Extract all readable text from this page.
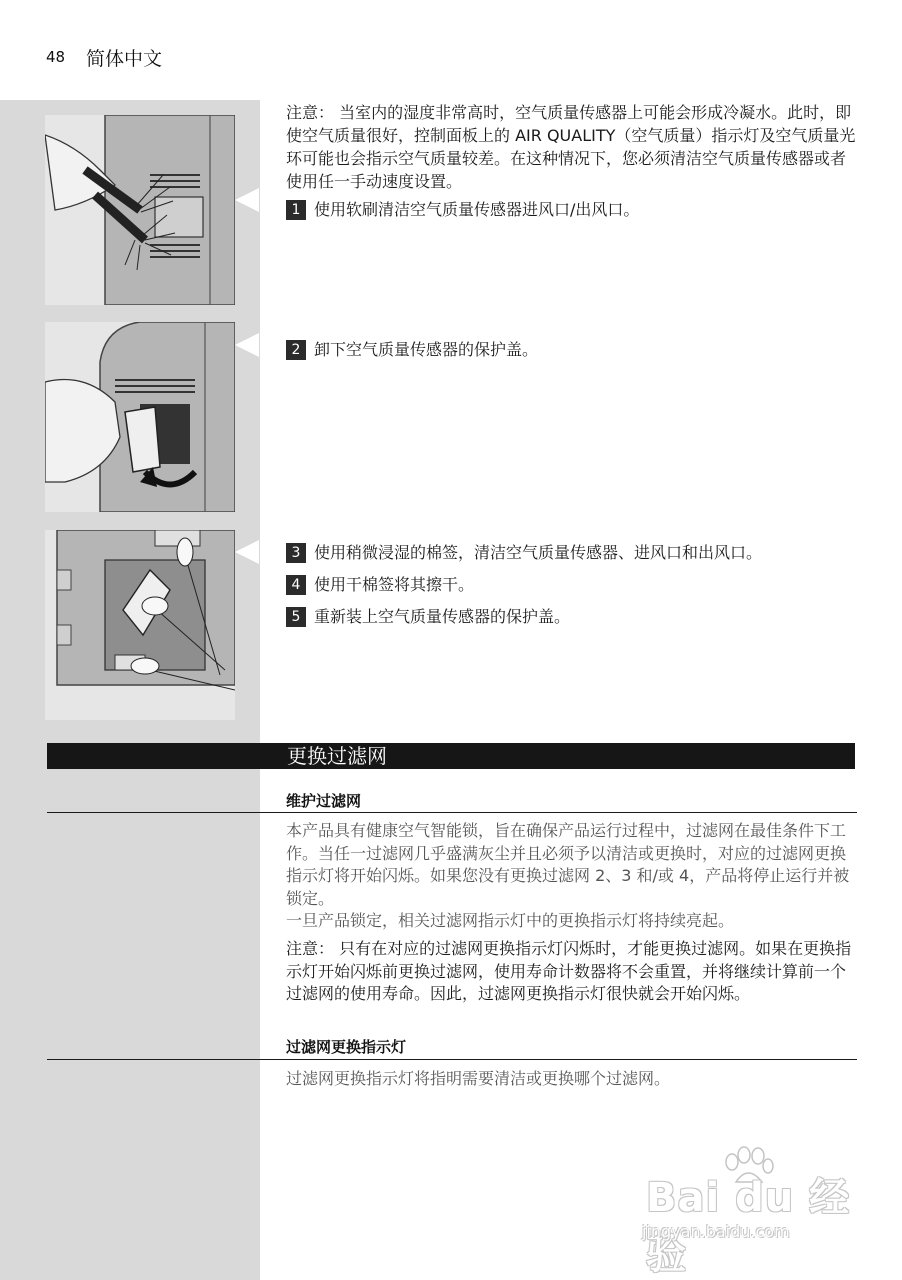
48 简体中文
注意： 当室内的湿度非常高时，空气质量传感器上可能会形成冷凝水。此时，即使空气质量很好，控制面板上的 AIR QUALITY（空气质量）指示灯及空气质量光环可能也会指示空气质量较差。在这种情况下，您必须清洁空气质量传感器或者使用任一手动速度设置。
1 使用软刷清洁空气质量传感器进风口/出风口。
2 卸下空气质量传感器的保护盖。
3 使用稍微浸湿的棉签，清洁空气质量传感器、进风口和出风口。
4 使用干棉签将其擦干。
5 重新装上空气质量传感器的保护盖。
更换过滤网
维护过滤网
本产品具有健康空气智能锁，旨在确保产品运行过程中，过滤网在最佳条件下工作。当任一过滤网几乎盛满灰尘并且必须予以清洁或更换时，对应的过滤网更换指示灯将开始闪烁。如果您没有更换过滤网 2、3 和/或 4，产品将停止运行并被锁定。
一旦产品锁定，相关过滤网指示灯中的更换指示灯将持续亮起。
注意： 只有在对应的过滤网更换指示灯闪烁时，才能更换过滤网。如果在更换指示灯开始闪烁前更换过滤网，使用寿命计数器将不会重置，并将继续计算前一个过滤网的使用寿命。因此，过滤网更换指示灯很快就会开始闪烁。
过滤网更换指示灯
过滤网更换指示灯将指明需要清洁或更换哪个过滤网。
Bai du 经验
jingyan.baidu.com
